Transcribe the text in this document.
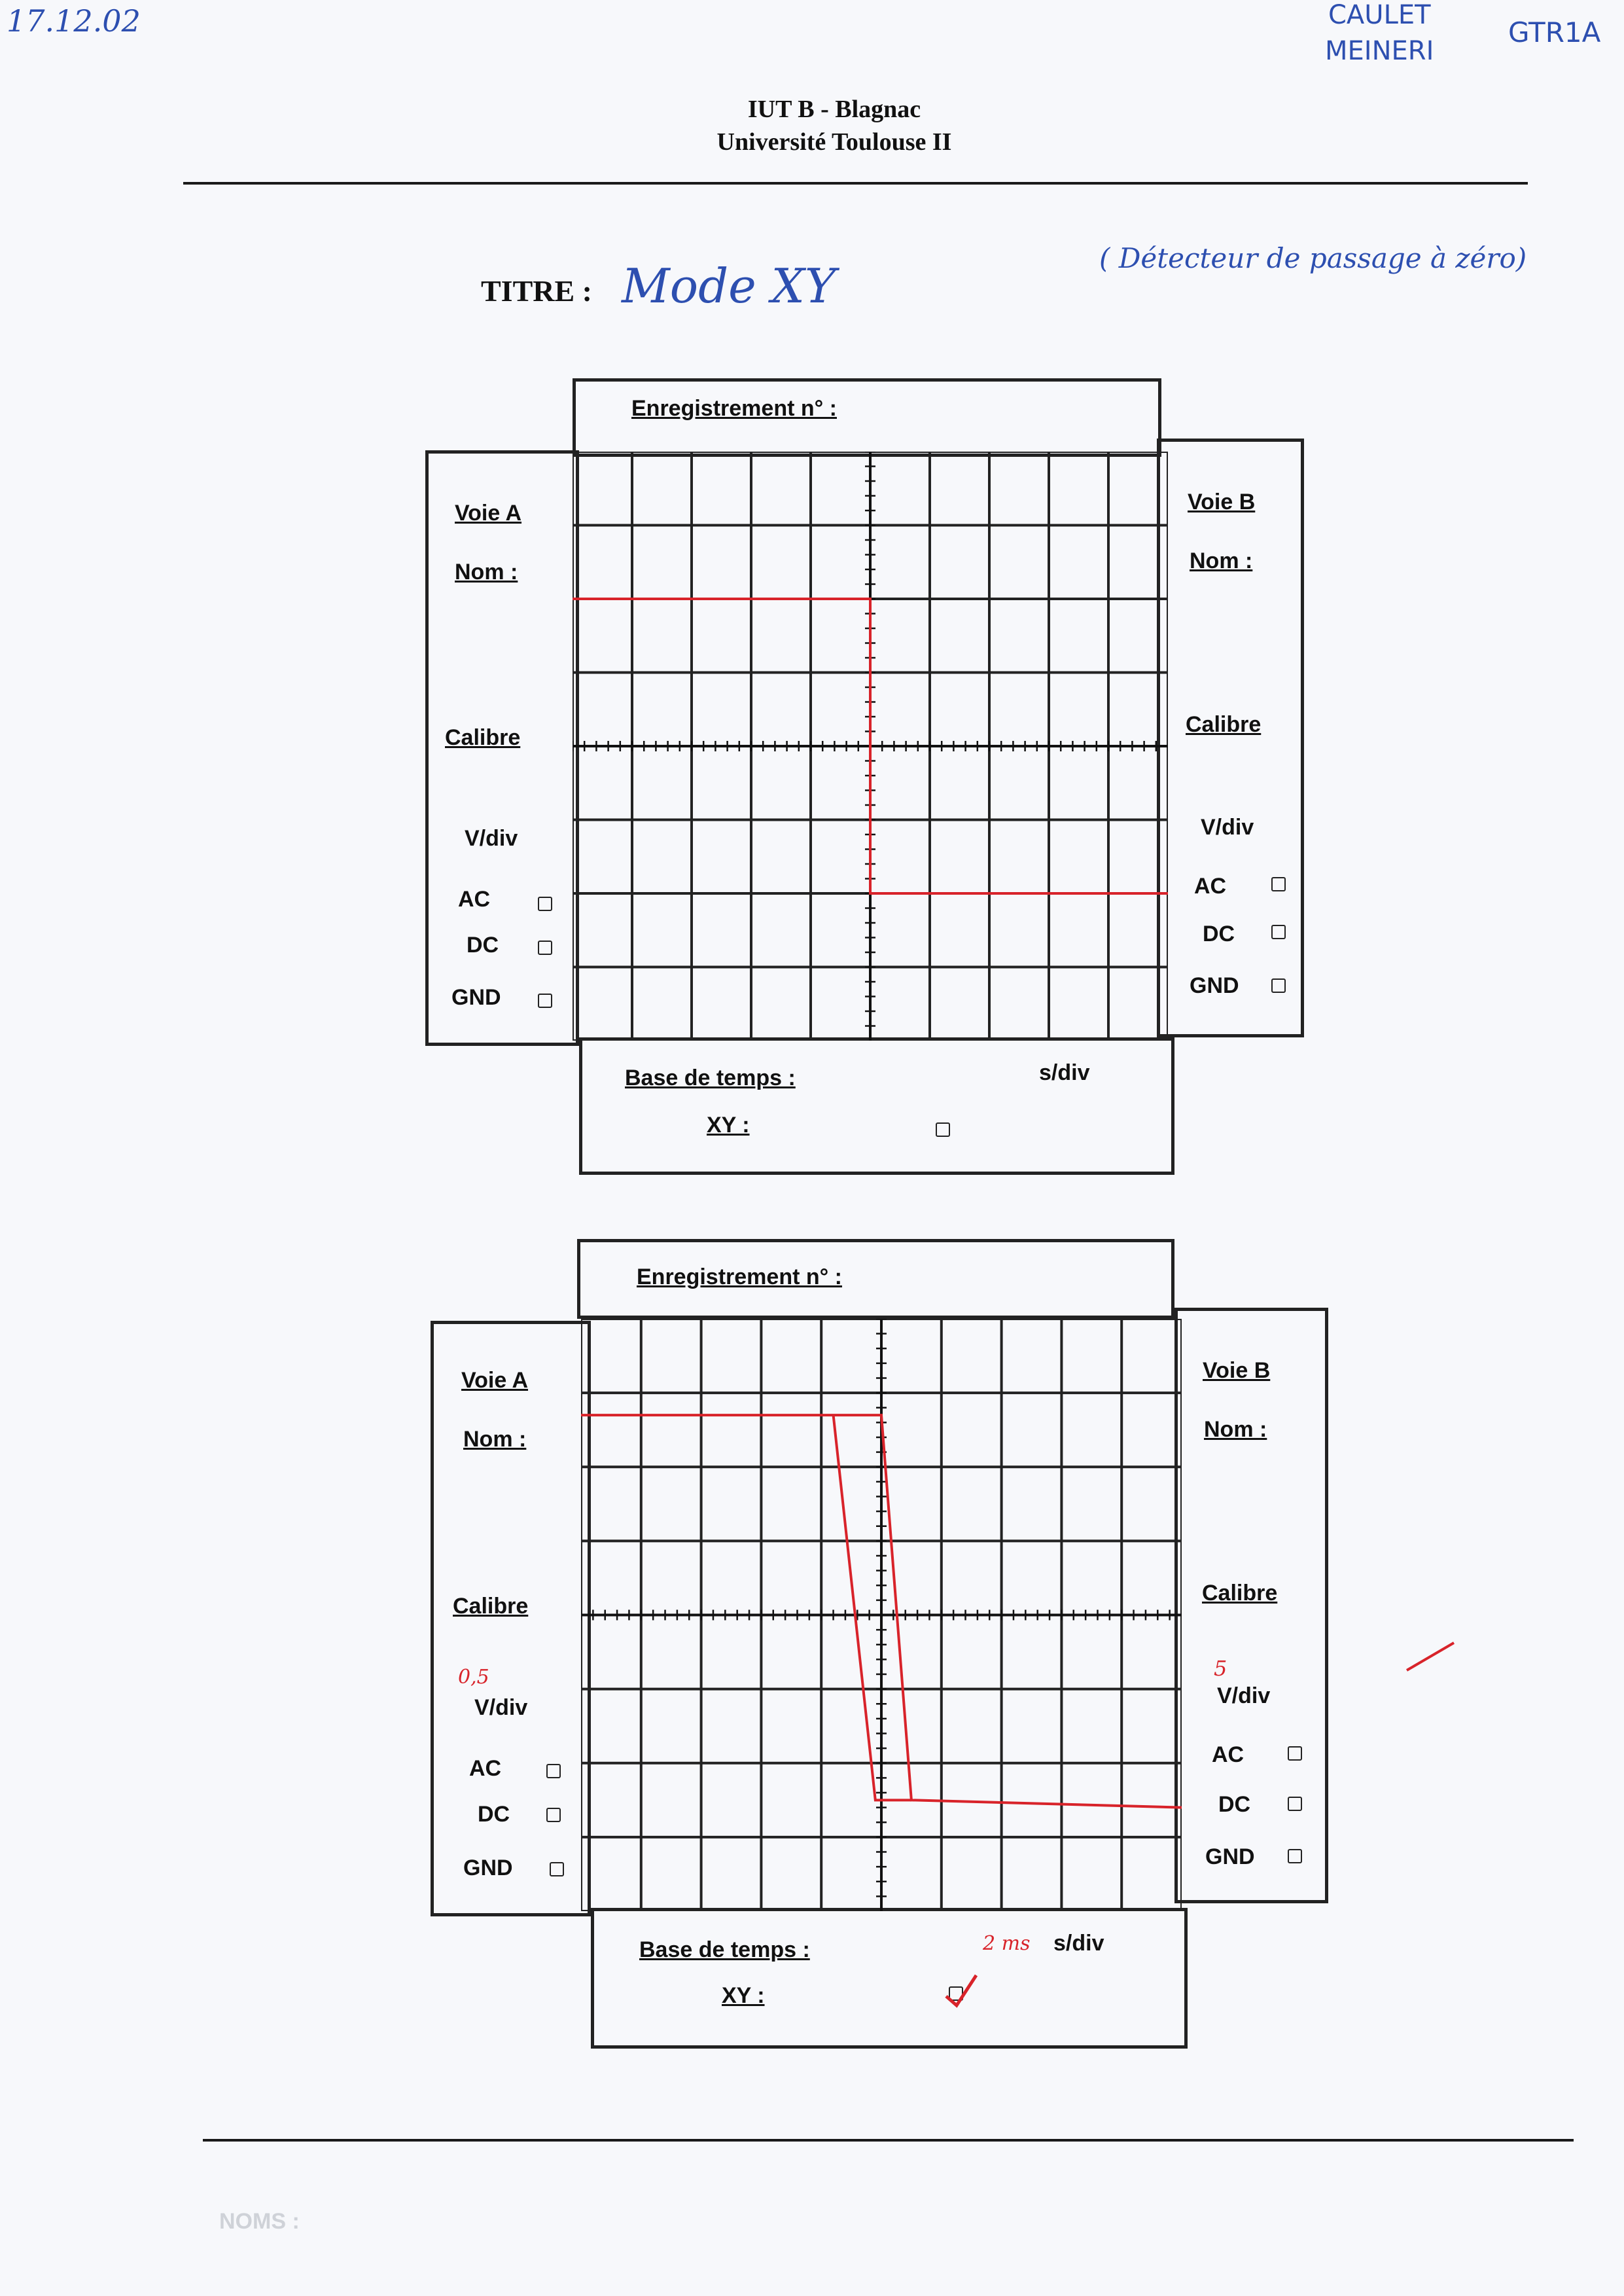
17.12.02	CAULET
MEINERI
GTR1A
( Détecteur de passage à zéro)
IUT B - Blagnac
Université Toulouse II
TITRE : Mode XY
Enregistrement n° :
Voie A
Nom :
Calibre
V/div
AC
DC
GND
Voie B
Nom :
Calibre
V/div
AC
DC
GND
Base de temps :	s/div
XY :
Enregistrement n° :
Voie A
Nom :
Calibre
0,5
V/div
AC
DC
GND
Voie B
Nom :
Calibre
5
V/div
AC
DC
GND
Base de temps :	2 ms s/div
XY :
NOMS :
